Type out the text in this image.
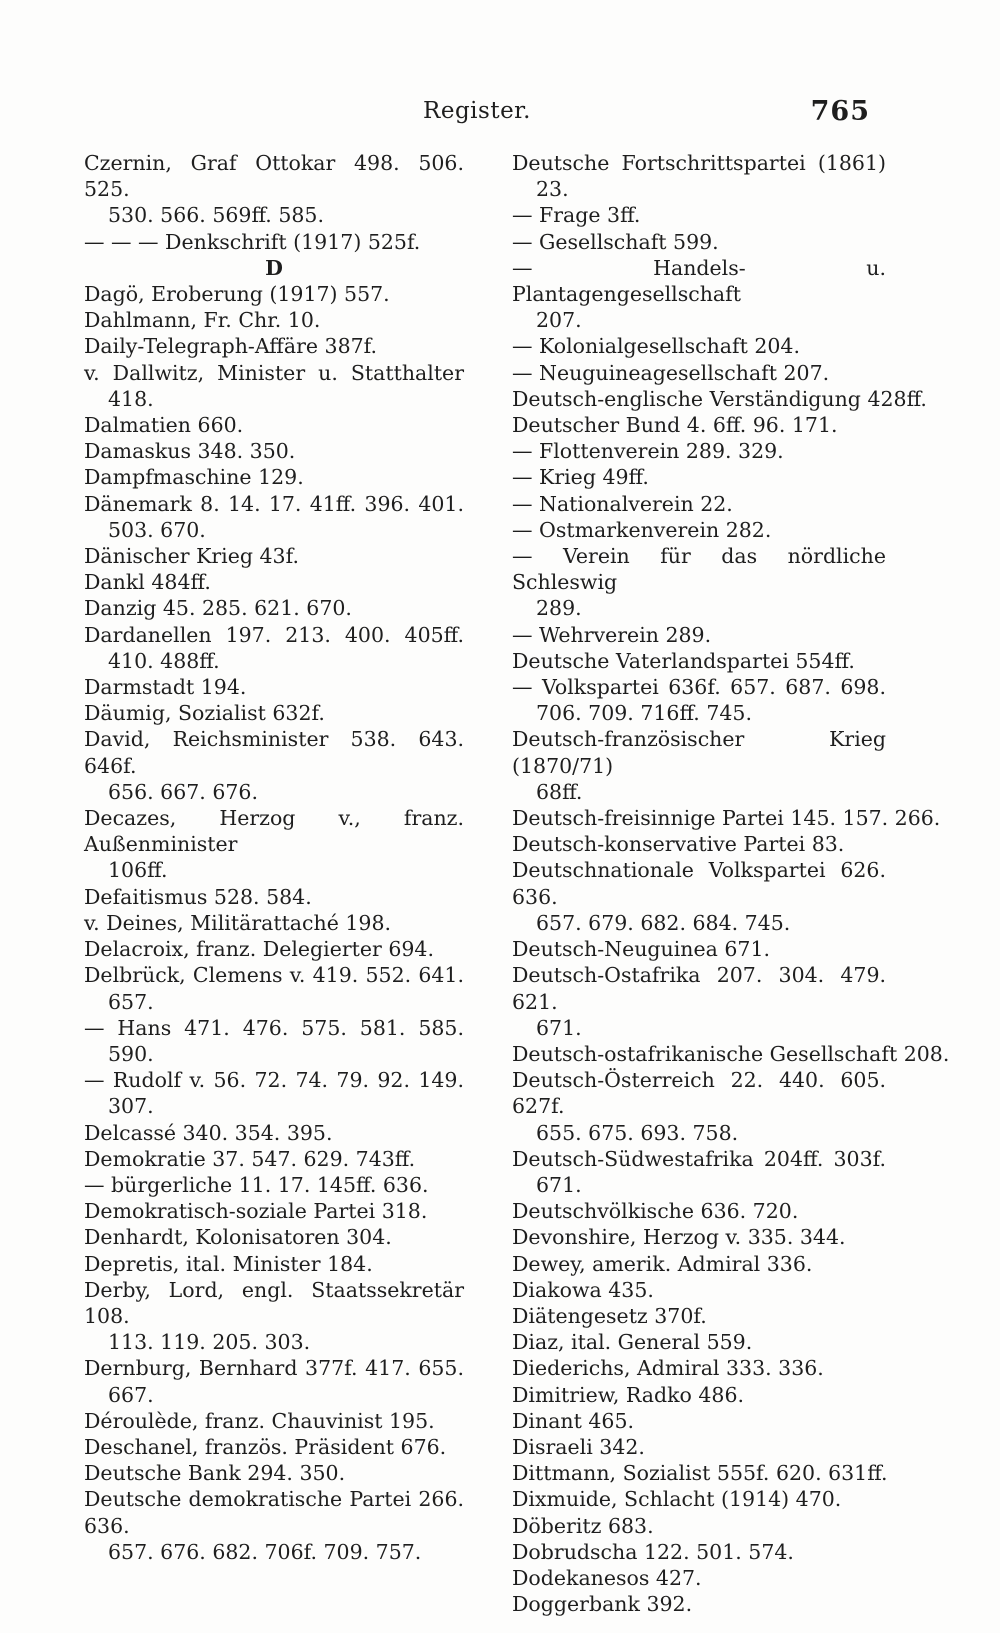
Register.	765
Czernin, Graf Ottokar 498. 506. 525.
530. 566. 569ff. 585.
— — — Denkschrift (1917) 525f.
D
Dagö, Eroberung (1917) 557.
Dahlmann, Fr. Chr. 10.
Daily-Telegraph-Affäre 387f.
v. Dallwitz, Minister u. Statthalter
418.
Dalmatien 660.
Damaskus 348. 350.
Dampfmaschine 129.
Dänemark 8. 14. 17. 41ff. 396. 401.
503. 670.
Dänischer Krieg 43f.
Dankl 484ff.
Danzig 45. 285. 621. 670.
Dardanellen 197. 213. 400. 405ff.
410. 488ff.
Darmstadt 194.
Däumig, Sozialist 632f.
David, Reichsminister 538. 643. 646f.
656. 667. 676.
Decazes, Herzog v., franz. Außenminister
106ff.
Defaitismus 528. 584.
v. Deines, Militärattaché 198.
Delacroix, franz. Delegierter 694.
Delbrück, Clemens v. 419. 552. 641.
657.
— Hans 471. 476. 575. 581. 585.
590.
— Rudolf v. 56. 72. 74. 79. 92. 149.
307.
Delcassé 340. 354. 395.
Demokratie 37. 547. 629. 743ff.
— bürgerliche 11. 17. 145ff. 636.
Demokratisch-soziale Partei 318.
Denhardt, Kolonisatoren 304.
Depretis, ital. Minister 184.
Derby, Lord, engl. Staatssekretär 108.
113. 119. 205. 303.
Dernburg, Bernhard 377f. 417. 655.
667.
Déroulède, franz. Chauvinist 195.
Deschanel, französ. Präsident 676.
Deutsche Bank 294. 350.
Deutsche demokratische Partei 266. 636.
657. 676. 682. 706f. 709. 757.
Deutsche Fortschrittspartei (1861)
23.
— Frage 3ff.
— Gesellschaft 599.
— Handels- u. Plantagengesellschaft
207.
— Kolonialgesellschaft 204.
— Neuguineagesellschaft 207.
Deutsch-englische Verständigung 428ff.
Deutscher Bund 4. 6ff. 96. 171.
— Flottenverein 289. 329.
— Krieg 49ff.
— Nationalverein 22.
— Ostmarkenverein 282.
— Verein für das nördliche Schleswig
289.
— Wehrverein 289.
Deutsche Vaterlandspartei 554ff.
— Volkspartei 636f. 657. 687. 698.
706. 709. 716ff. 745.
Deutsch-französischer Krieg (1870/71)
68ff.
Deutsch-freisinnige Partei 145. 157. 266.
Deutsch-konservative Partei 83.
Deutschnationale Volkspartei 626. 636.
657. 679. 682. 684. 745.
Deutsch-Neuguinea 671.
Deutsch-Ostafrika 207. 304. 479. 621.
671.
Deutsch-ostafrikanische Gesellschaft 208.
Deutsch-Österreich 22. 440. 605. 627f.
655. 675. 693. 758.
Deutsch-Südwestafrika 204ff. 303f.
671.
Deutschvölkische 636. 720.
Devonshire, Herzog v. 335. 344.
Dewey, amerik. Admiral 336.
Diakowa 435.
Diätengesetz 370f.
Diaz, ital. General 559.
Diederichs, Admiral 333. 336.
Dimitriew, Radko 486.
Dinant 465.
Disraeli 342.
Dittmann, Sozialist 555f. 620. 631ff.
Dixmuide, Schlacht (1914) 470.
Döberitz 683.
Dobrudscha 122. 501. 574.
Dodekanesos 427.
Doggerbank 392.
